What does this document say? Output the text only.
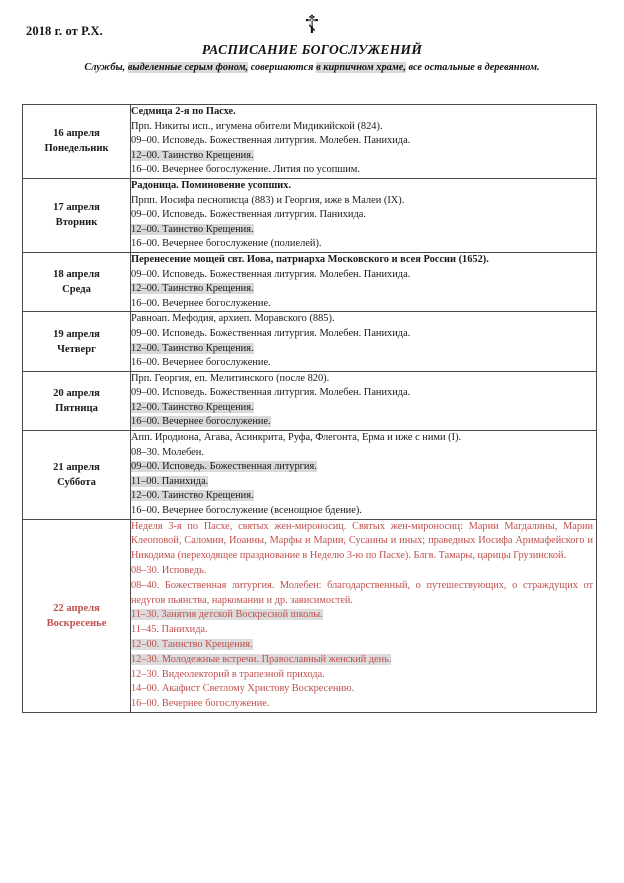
2018 г. от Р.Х.	☦
РАСПИСАНИЕ БОГОСЛУЖЕНИЙ
Службы, выделенные серым фоном, совершаются в кирпичном храме, все остальные в деревянном.
16 апреля
Понедельник

Седмица 2-я по Пасхе.
Прп. Никиты исп., игумена обители Мидикийской (824).
09–00. Исповедь. Божественная литургия. Молебен. Панихида.
12–00. Таинство Крещения.
16–00. Вечернее богослужение. Лития по усопшим.

17 апреля
Вторник

Радоница. Поминовение усопших.
Прпп. Иосифа песнописца (883) и Георгия, иже в Малеи (IX).
09–00. Исповедь. Божественная литургия. Панихида.
12–00. Таинство Крещения.
16–00. Вечернее богослужение (полиелей).

18 апреля
Среда

Перенесение мощей свт. Иова, патриарха Московского и всея России (1652).
09–00. Исповедь. Божественная литургия. Молебен. Панихида.
12–00. Таинство Крещения.
16–00. Вечернее богослужение.

19 апреля
Четверг

Равноап. Мефодия, архиеп. Моравского (885).
09–00. Исповедь. Божественная литургия. Молебен. Панихида.
12–00. Таинство Крещения.
16–00. Вечернее богослужение.

20 апреля
Пятница

Прп. Георгия, еп. Мелитинского (после 820).
09–00. Исповедь. Божественная литургия. Молебен. Панихида.
12–00. Таинство Крещения.
16–00. Вечернее богослужение.

21 апреля
Суббота

Апп. Иродиона, Агава, Асинкрита, Руфа, Флегонта, Ерма и иже с ними (I).
08–30. Молебен.
09–00. Исповедь. Божественная литургия.
11–00. Панихида.
12–00. Таинство Крещения.
16–00. Вечернее богослужение (всенощное бдение).

22 апреля
Воскресенье

Неделя 3-я по Пасхе, святых жен-мироносиц. Святых жен-мироносиц: Марии Магдалины, Марии Клеоповой, Саломии, Иоанны, Марфы и Марии, Сусанны и иных; праведных Иосифа Аримафейского и Никодима (переходящее празднование в Неделю 3-ю по Пасхе). Блгв. Тамары, царицы Грузинской.
08–30. Исповедь.
08–40. Божественная литургия. Молебен: благодарственный, о путешествующих, о страждущих от недугов пьянства, наркомании и др. зависимостей.
11–30. Занятия детской Воскресной школы.
11–45. Панихида.
12–00. Таинство Крещения.
12–30. Молодежные встречи. Православный женский день.
12–30. Видеолекторий в трапезной прихода.
14–00. Акафист Светлому Христову Воскресению.
16–00. Вечернее богослужение.
